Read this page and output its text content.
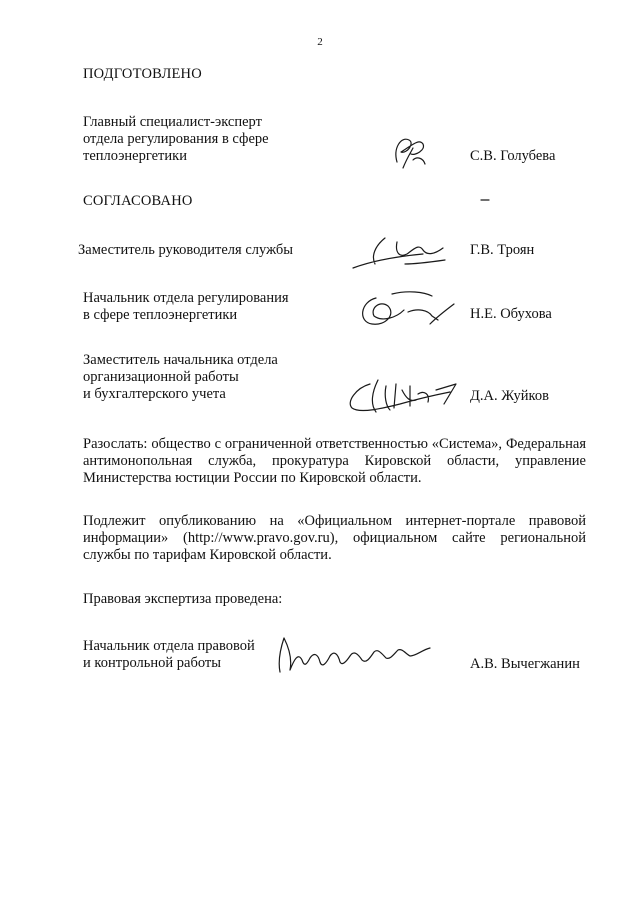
2
ПОДГОТОВЛЕНО
Главный специалист-эксперт
отдела регулирования в сфере
теплоэнергетики	С.В. Голубева
СОГЛАСОВАНО
Заместитель руководителя службы	Г.В. Троян
Начальник отдела регулирования
в сфере теплоэнергетики	Н.Е. Обухова
Заместитель начальника отдела
организационной работы
и бухгалтерского учета	Д.А. Жуйков
Разослать: общество с ограниченной ответственностью «Система», Федеральная антимонопольная служба, прокуратура Кировской области, управление Министерства юстиции России по Кировской области.
Подлежит опубликованию на «Официальном интернет-портале правовой информации» (http://www.pravo.gov.ru), официальном сайте региональной службы по тарифам Кировской области.
Правовая экспертиза проведена:
Начальник отдела правовой
и контрольной работы	А.В. Вычегжанин
